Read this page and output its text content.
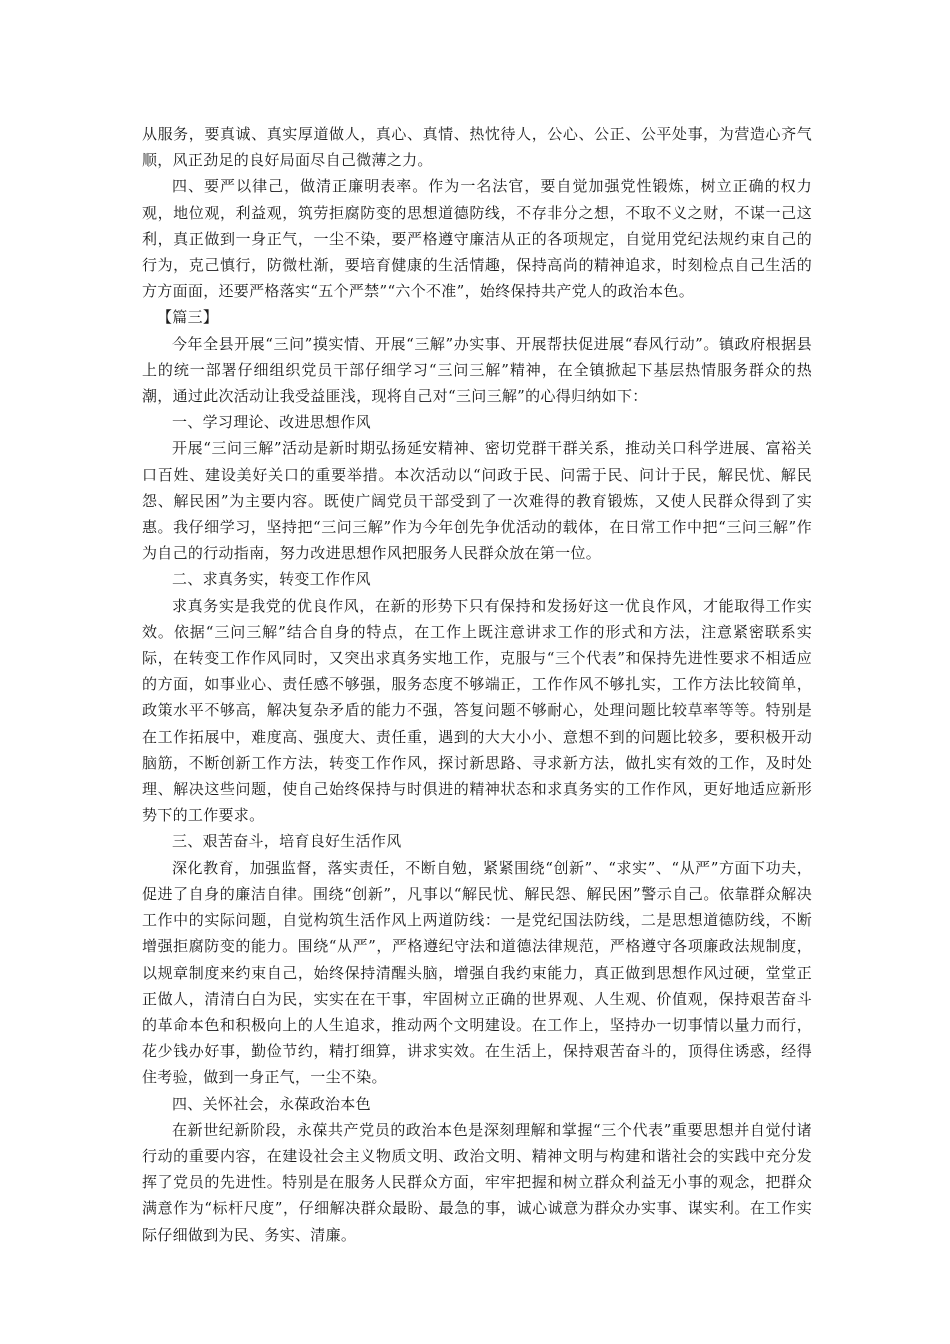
从服务，要真诚、真实厚道做人，真心、真情、热忱待人，公心、公正、公平处事，为营造心齐气顺，风正劲足的良好局面尽自己微薄之力。

四、要严以律己，做清正廉明表率。作为一名法官，要自觉加强党性锻炼，树立正确的权力观，地位观，利益观，筑劳拒腐防变的思想道德防线，不存非分之想，不取不义之财，不谋一己这利，真正做到一身正气，一尘不染，要严格遵守廉洁从正的各项规定，自觉用党纪法规约束自己的行为，克己慎行，防微杜渐，要培育健康的生活情趣，保持高尚的精神追求，时刻检点自己生活的方方面面，还要严格落实“五个严禁”“六个不准”，始终保持共产党人的政治本色。

【篇三】

今年全县开展“三问”摸实情、开展“三解”办实事、开展帮扶促进展“春风行动”。镇政府根据县上的统一部署仔细组织党员干部仔细学习“三问三解”精神，在全镇掀起下基层热情服务群众的热潮，通过此次活动让我受益匪浅，现将自己对“三问三解”的心得归纳如下：

一、学习理论、改进思想作风

开展“三问三解”活动是新时期弘扬延安精神、密切党群干群关系，推动关口科学进展、富裕关口百姓、建设美好关口的重要举措。本次活动以“问政于民、问需于民、问计于民，解民忧、解民怨、解民困”为主要内容。既使广阔党员干部受到了一次难得的教育锻炼，又使人民群众得到了实惠。我仔细学习，坚持把“三问三解”作为今年创先争优活动的载体，在日常工作中把“三问三解”作为自己的行动指南，努力改进思想作风把服务人民群众放在第一位。

二、求真务实，转变工作作风

求真务实是我党的优良作风，在新的形势下只有保持和发扬好这一优良作风，才能取得工作实效。依据“三问三解”结合自身的特点，在工作上既注意讲求工作的形式和方法，注意紧密联系实际，在转变工作作风同时，又突出求真务实地工作，克服与“三个代表”和保持先进性要求不相适应的方面，如事业心、责任感不够强，服务态度不够端正，工作作风不够扎实，工作方法比较简单，政策水平不够高，解决复杂矛盾的能力不强，答复问题不够耐心，处理问题比较草率等等。特别是在工作拓展中，难度高、强度大、责任重，遇到的大大小小、意想不到的问题比较多，要积极开动脑筋，不断创新工作方法，转变工作作风，探讨新思路、寻求新方法，做扎实有效的工作，及时处理、解决这些问题，使自己始终保持与时俱进的精神状态和求真务实的工作作风，更好地适应新形势下的工作要求。

三、艰苦奋斗，培育良好生活作风

深化教育，加强监督，落实责任，不断自勉，紧紧围绕“创新”、“求实”、“从严”方面下功夫，促进了自身的廉洁自律。围绕“创新”，凡事以“解民忧、解民怨、解民困”警示自己。依靠群众解决工作中的实际问题，自觉构筑生活作风上两道防线：一是党纪国法防线，二是思想道德防线，不断增强拒腐防变的能力。围绕“从严”，严格遵纪守法和道德法律规范，严格遵守各项廉政法规制度，以规章制度来约束自己，始终保持清醒头脑，增强自我约束能力，真正做到思想作风过硬，堂堂正正做人，清清白白为民，实实在在干事，牢固树立正确的世界观、人生观、价值观，保持艰苦奋斗的革命本色和积极向上的人生追求，推动两个文明建设。在工作上，坚持办一切事情以量力而行，花少钱办好事，勤俭节约，精打细算，讲求实效。在生活上，保持艰苦奋斗的，顶得住诱惑，经得住考验，做到一身正气，一尘不染。

四、关怀社会，永葆政治本色

在新世纪新阶段，永葆共产党员的政治本色是深刻理解和掌握“三个代表”重要思想并自觉付诸行动的重要内容，在建设社会主义物质文明、政治文明、精神文明与构建和谐社会的实践中充分发挥了党员的先进性。特别是在服务人民群众方面，牢牢把握和树立群众利益无小事的观念，把群众满意作为“标杆尺度”，仔细解决群众最盼、最急的事，诚心诚意为群众办实事、谋实利。在工作实际仔细做到为民、务实、清廉。
